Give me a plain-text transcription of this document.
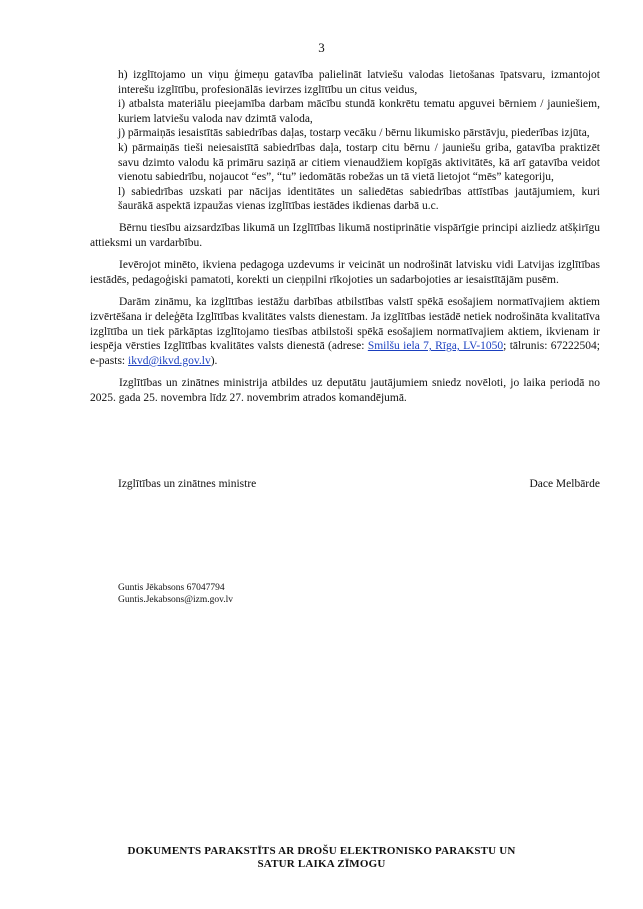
3

h) izglītojamo un viņu ģimeņu gatavība palielināt latviešu valodas lietošanas īpatsvaru, izmantojot interešu izglītību, profesionālās ievirzes izglītību un citus veidus,

i) atbalsta materiālu pieejamība darbam mācību stundā konkrētu tematu apguvei bērniem / jauniešiem, kuriem latviešu valoda nav dzimtā valoda,

j) pārmaiņās iesaistītās sabiedrības daļas, tostarp vecāku / bērnu likumisko pārstāvju, piederības izjūta,

k) pārmaiņās tieši neiesaistītā sabiedrības daļa, tostarp citu bērnu / jauniešu griba, gatavība praktizēt savu dzimto valodu kā primāru saziņā ar citiem vienaudžiem kopīgās aktivitātēs, kā arī gatavība veidot vienotu sabiedrību, nojaucot “es”, “tu” iedomātās robežas un tā vietā lietojot “mēs” kategoriju,

l) sabiedrības uzskati par nācijas identitātes un saliedētas sabiedrības attīstības jautājumiem, kuri šaurākā aspektā izpaužas vienas izglītības iestādes ikdienas darbā u.c.

Bērnu tiesību aizsardzības likumā un Izglītības likumā nostiprinātie vispārīgie principi aizliedz atšķirīgu attieksmi un vardarbību.

Ievērojot minēto, ikviena pedagoga uzdevums ir veicināt un nodrošināt latvisku vidi Latvijas izglītības iestādēs, pedagoģiski pamatoti, korekti un cieņpilni rīkojoties un sadarbojoties ar iesaistītājām pusēm.

Darām zināmu, ka izglītības iestāžu darbības atbilstības valstī spēkā esošajiem normatīvajiem aktiem izvērtēšana ir deleģēta Izglītības kvalitātes valsts dienestam. Ja izglītības iestādē netiek nodrošināta kvalitatīva izglītība un tiek pārkāptas izglītojamo tiesības atbilstoši spēkā esošajiem normatīvajiem aktiem, ikvienam ir iespēja vērsties Izglītības kvalitātes valsts dienestā (adrese: Smilšu iela 7, Rīga, LV-1050; tālrunis: 67222504; e-pasts: ikvd@ikvd.gov.lv).

Izglītības un zinātnes ministrija atbildes uz deputātu jautājumiem sniedz novēloti, jo laika periodā no 2025. gada 25. novembra līdz 27. novembrim atrados komandējumā.

Izglītības un zinātnes ministre	Dace Melbārde
Guntis Jēkabsons 67047794
Guntis.Jekabsons@izm.gov.lv
DOKUMENTS PARAKSTĪTS AR DROŠU ELEKTRONISKO PARAKSTU UN
SATUR LAIKA ZĪMOGU
